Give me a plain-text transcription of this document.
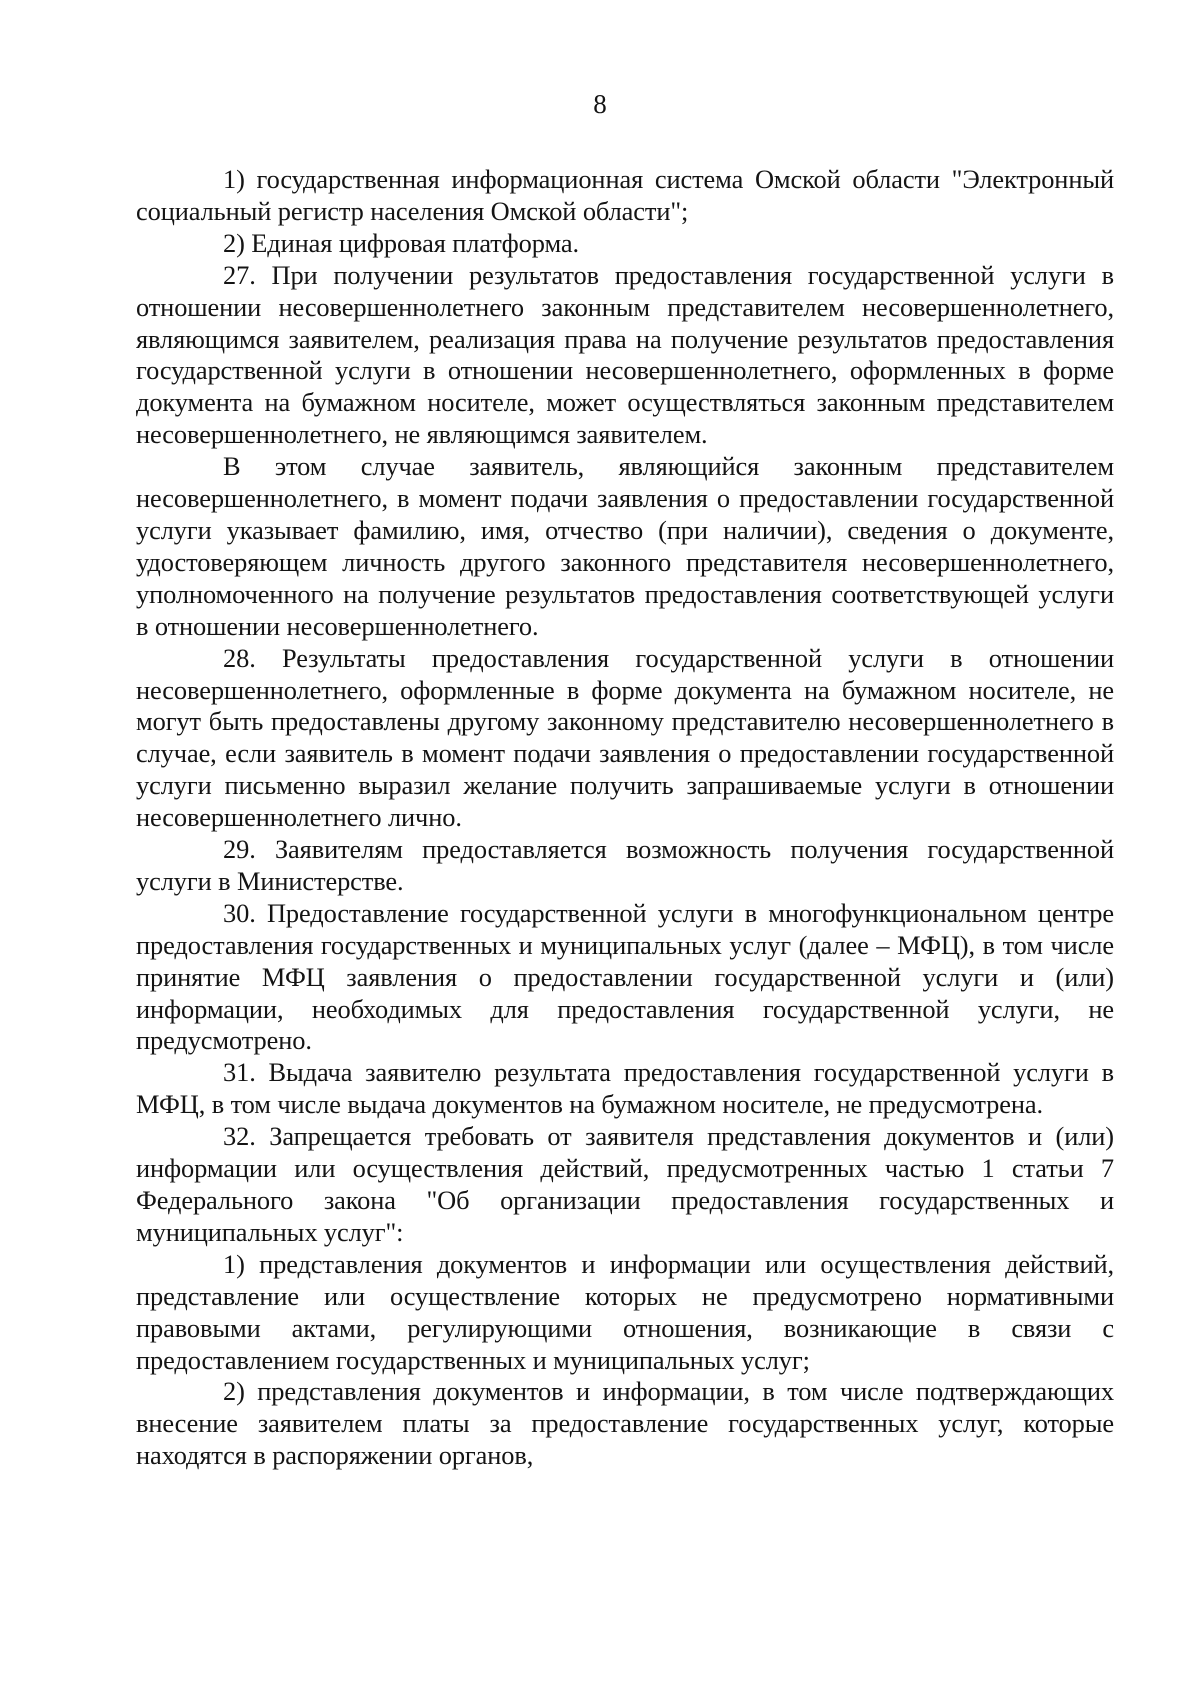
8

1) государственная информационная система Омской области "Электронный социальный регистр населения Омской области";

2) Единая цифровая платформа.

27. При получении результатов предоставления государственной услуги в отношении несовершеннолетнего законным представителем несовершеннолетнего, являющимся заявителем, реализация права на получение результатов предоставления государственной услуги в отношении несовершеннолетнего, оформленных в форме документа на бумажном носителе, может осуществляться законным представителем несовершеннолетнего, не являющимся заявителем.

В этом случае заявитель, являющийся законным представителем несовершеннолетнего, в момент подачи заявления о предоставлении государственной услуги указывает фамилию, имя, отчество (при наличии), сведения о документе, удостоверяющем личность другого законного представителя несовершеннолетнего, уполномоченного на получение результатов предоставления соответствующей услуги в отношении несовершеннолетнего.

28. Результаты предоставления государственной услуги в отношении несовершеннолетнего, оформленные в форме документа на бумажном носителе, не могут быть предоставлены другому законному представителю несовершеннолетнего в случае, если заявитель в момент подачи заявления о предоставлении государственной услуги письменно выразил желание получить запрашиваемые услуги в отношении несовершеннолетнего лично.

29. Заявителям предоставляется возможность получения государственной услуги в Министерстве.

30. Предоставление государственной услуги в многофункциональном центре предоставления государственных и муниципальных услуг (далее – МФЦ), в том числе принятие МФЦ заявления о предоставлении государственной услуги и (или) информации, необходимых для предоставления государственной услуги, не предусмотрено.

31. Выдача заявителю результата предоставления государственной услуги в МФЦ, в том числе выдача документов на бумажном носителе, не предусмотрена.

32. Запрещается требовать от заявителя представления документов и (или) информации или осуществления действий, предусмотренных частью 1 статьи 7 Федерального закона "Об организации предоставления государственных и муниципальных услуг":

1) представления документов и информации или осуществления действий, представление или осуществление которых не предусмотрено нормативными правовыми актами, регулирующими отношения, возникающие в связи с предоставлением государственных и муниципальных услуг;

2) представления документов и информации, в том числе подтверждающих внесение заявителем платы за предоставление государственных услуг, которые находятся в распоряжении органов,
